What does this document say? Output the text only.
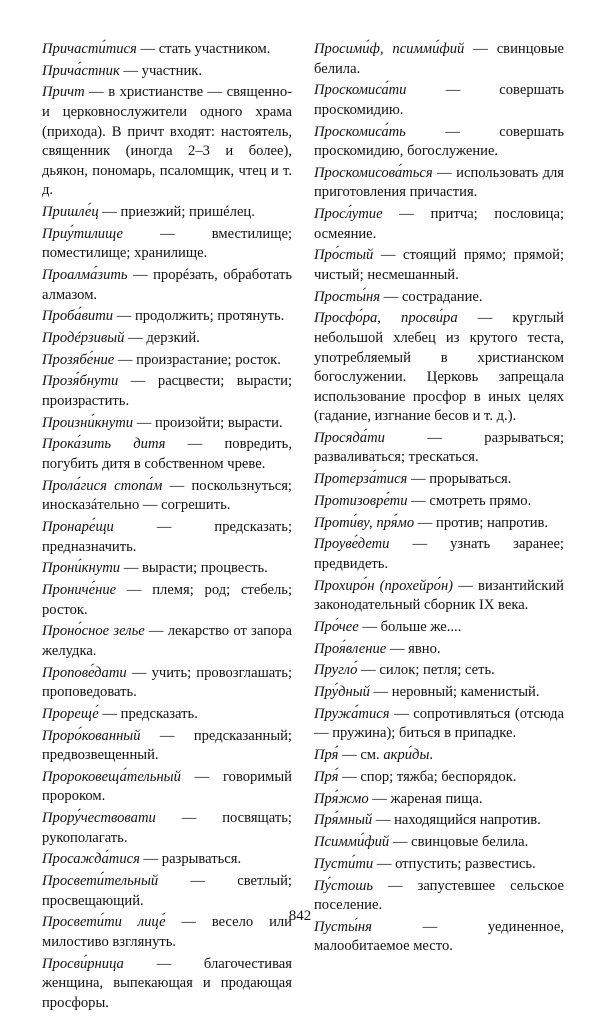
Причасти́тися — стать участником.

Прича́стник — участник.

Причт — в христианстве — священно- и церковнослужители одного храма (прихода). В причт входят: настоятель, священник (иногда 2–3 и более), дьякон, пономарь, псаломщик, чтец и т. д.

Пришле́ц — приезжий; пришéлец.

Приу́тилище — вместилище; поместилище; хранилище.

Проалма́зить — прорéзать, обработать алмазом.

Проба́вити — продолжить; протянуть.

Продéрзивый — дерзкий.

Прозябе́ние — произрастание; росток.

Прозя́бнути — расцвести; вырасти; произрастить.

Произни́кнути — произойти; вырасти.

Прока́зить дитя — повредить, погубить дитя в собственном чреве.

Прола́гися стопа́м — поскользнуться; иносказáтельно — согрешить.

Пронаре́щи — предсказать; предназначить.

Прони́кнути — вырасти; процвесть.

Прониче́ние — племя; род; стебель; росток.

Проно́сное зелье — лекарство от запора желудка.

Пропове́дати — учить; провозглашать; проповедовать.

Прореще́ — предсказать.

Проро́кованный — предсказанный; предвозвещенный.

Пророковеща́тельный — говоримый пророком.

Прору́чествовати — посвящать; рукополагать.

Просажда́тися — разрываться.

Просвети́тельный — светлый; просвещающий.

Просвети́ти лице́ — весело или милостиво взглянуть.

Просви́рница — благочестивая женщина, выпекающая и продающая просфоры.

Просими́ф, псимми́фий — свинцовые белила.

Проскомиса́ти — совершать проскомидию.

Проскомиса́ть — совершать проскомидию, богослужение.

Проскомисова́ться — использовать для приготовления причастия.

Просл́утие — притча; пословица; осмеяние.

Про́стый — стоящий прямо; прямой; чистый; несмешанный.

Просты́ня — сострадание.

Просфо́ра, просви́ра — круглый небольшой хлебец из крутого теста, употребляемый в христианском богослужении. Церковь запрещала использование просфор в иных целях (гадание, изгнание бесов и т. д.).

Просяда́ти — разрываться; разваливаться; трескаться.

Протерза́тися — прорываться.

Протизовре́ти — смотреть прямо.

Проти́ву, пря́мо — против; напротив.

Проуве́дети — узнать заранее; предвидеть.

Прохиро́н (прохейро́н) — византийский законодательный сборник IX века.

Про́чее — больше же....

Проя́вление — явно.

Пругло́ — силок; петля; сеть.

Пру́дный — неровный; каменистый.

Пружа́тися — сопротивляться (отсюда — пружина); биться в припадке.

Пря́ — см. акри́ды.

Пря́ — спор; тяжба; беспорядок.

Пря́жмо — жареная пища.

Пря́мный — находящийся напротив.

Псимми́фий — свинцовые белила.

Пусти́ти — отпустить; развестись.

Пу́стошь — запустевшее сельское поселение.

Пусты́ня — уединенное, малообитаемое место.

842
